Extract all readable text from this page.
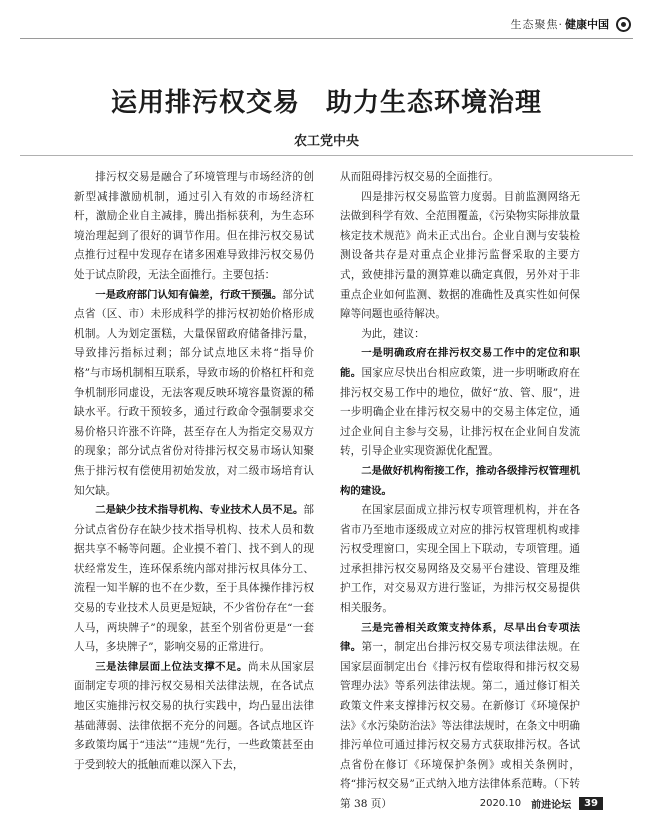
生态聚焦· 健康中国
运用排污权交易 助力生态环境治理
农工党中央

排污权交易是融合了环境管理与市场经济的创新型减排激励机制，通过引入有效的市场经济杠杆，激励企业自主减排，腾出指标获利，为生态环境治理起到了很好的调节作用。但在排污权交易试点推行过程中发现存在诸多困难导致排污权交易仍处于试点阶段，无法全面推行。主要包括：

一是政府部门认知有偏差，行政干预强。部分试点省（区、市）未形成科学的排污权初始价格形成机制。人为划定蛋糕，大量保留政府储备排污量，导致排污指标过剩；部分试点地区未将“指导价格”与市场机制相互联系，导致市场的价格杠杆和竞争机制形同虚设，无法客观反映环境容量资源的稀缺水平。行政干预较多，通过行政命令强制要求交易价格只许涨不许降，甚至存在人为指定交易双方的现象；部分试点省份对待排污权交易市场认知聚焦于排污权有偿使用初始发放，对二级市场培育认知欠缺。

二是缺少技术指导机构、专业技术人员不足。部分试点省份存在缺少技术指导机构、技术人员和数据共享不畅等问题。企业摸不着门、找不到人的现状经常发生，连环保系统内部对排污权具体分工、流程一知半解的也不在少数，至于具体操作排污权交易的专业技术人员更是短缺，不少省份存在“一套人马，两块牌子”的现象，甚至个别省份更是“一套人马，多块牌子”，影响交易的正常进行。

三是法律层面上位法支撑不足。尚未从国家层面制定专项的排污权交易相关法律法规，在各试点地区实施排污权交易的执行实践中，均凸显出法律基础薄弱、法律依据不充分的问题。各试点地区许多政策均属于“违法”“违规”先行，一些政策甚至由于受到较大的抵触而难以深入下去，

从而阻碍排污权交易的全面推行。

四是排污权交易监管力度弱。目前监测网络无法做到科学有效、全范围覆盖，《污染物实际排放量核定技术规范》尚未正式出台。企业自测与安装检测设备共存是对重点企业排污监督采取的主要方式，致使排污量的测算难以确定真假，另外对于非重点企业如何监测、数据的准确性及真实性如何保障等问题也亟待解决。

为此，建议：

一是明确政府在排污权交易工作中的定位和职能。国家应尽快出台相应政策，进一步明晰政府在排污权交易工作中的地位，做好“放、管、服”，进一步明确企业在排污权交易中的交易主体定位，通过企业间自主参与交易，让排污权在企业间自发流转，引导企业实现资源优化配置。

二是做好机构衔接工作，推动各级排污权管理机构的建设。

在国家层面成立排污权专项管理机构，并在各省市乃至地市逐级成立对应的排污权管理机构或排污权受理窗口，实现全国上下联动，专项管理。通过承担排污权交易网络及交易平台建设、管理及维护工作，对交易双方进行鉴证，为排污权交易提供相关服务。

三是完善相关政策支持体系，尽早出台专项法律。第一，制定出台排污权交易专项法律法规。在国家层面制定出台《排污权有偿取得和排污权交易管理办法》等系列法律法规。第二，通过修订相关政策文件来支撑排污权交易。在新修订《环境保护法》《水污染防治法》等法律法规时，在条文中明确排污单位可通过排污权交易方式获取排污权。各试点省份在修订《环境保护条例》或相关条例时，将“排污权交易”正式纳入地方法律体系范畴。（下转第 38 页）	2020.10 前进论坛	39
